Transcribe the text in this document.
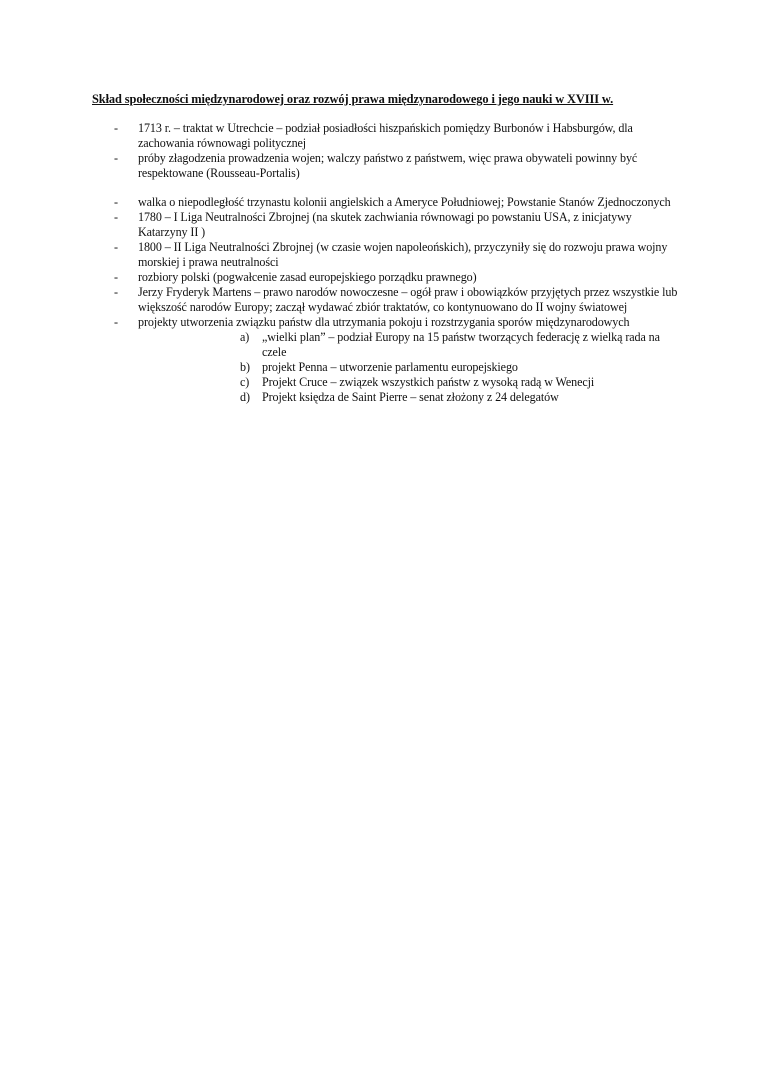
Skład społeczności międzynarodowej oraz rozwój prawa międzynarodowego i jego nauki w XVIII w.
- 1713 r. – traktat w Utrechcie – podział posiadłości hiszpańskich pomiędzy Burbonów i Habsburgów, dla zachowania równowagi politycznej
- próby złagodzenia prowadzenia wojen; walczy państwo z państwem, więc prawa obywateli powinny być respektowane (Rousseau-Portalis)
- walka o niepodległość trzynastu kolonii angielskich a Ameryce Południowej; Powstanie Stanów Zjednoczonych
- 1780 – I Liga Neutralności Zbrojnej (na skutek zachwiania równowagi po powstaniu USA, z inicjatywy Katarzyny II )
- 1800 – II Liga Neutralności Zbrojnej (w czasie wojen napoleońskich), przyczyniły się do rozwoju prawa wojny morskiej i prawa neutralności
- rozbiory polski (pogwałcenie zasad europejskiego porządku prawnego)
- Jerzy Fryderyk Martens – prawo narodów nowoczesne – ogół praw i obowiązków przyjętych przez wszystkie lub większość narodów Europy; zaczął wydawać zbiór traktatów, co kontynuowano do II wojny światowej
- projekty utworzenia związku państw dla utrzymania pokoju i rozstrzygania sporów międzynarodowych
a) „wielki plan” – podział Europy na 15 państw tworzących federację z wielką rada na czele
b) projekt Penna – utworzenie parlamentu europejskiego
c) Projekt Cruce – związek wszystkich państw z wysoką radą w Wenecji
d) Projekt księdza de Saint Pierre – senat złożony z 24 delegatów
